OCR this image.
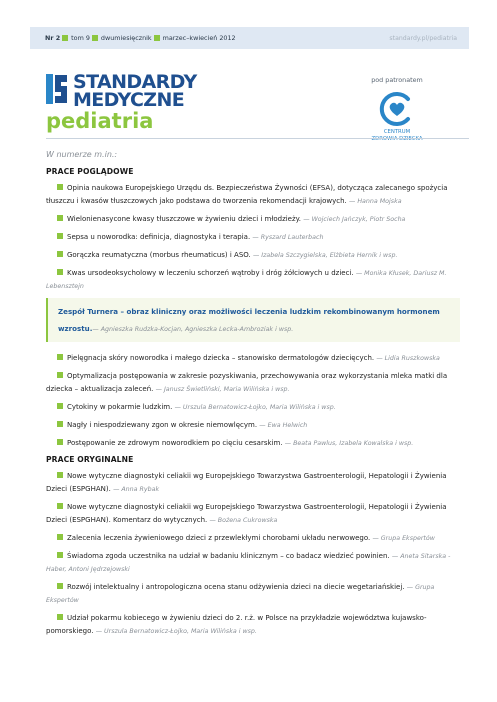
Nr 2 tom 9 dwumiesięcznik marzec–kwiecień 2012	standardy.pl/pediatria
STANDARDY
MEDYCZNE
pediatria
pod patronatem
CENTRUM
W numerze m.in.:
PRACE POGLĄDOWE
Opinia naukowa Europejskiego Urzędu ds. Bezpieczeństwa Żywności (EFSA), dotycząca zalecanego spożycia tłuszczu i kwasów tłuszczowych jako podstawa do tworzenia rekomendacji krajowych. — Hanna Mojska
Wielonienasycone kwasy tłuszczowe w żywieniu dzieci i młodzieży. — Wojciech Jańczyk, Piotr Socha
Sepsa u noworodka: definicja, diagnostyka i terapia. — Ryszard Lauterbach
Gorączka reumatyczna (morbus rheumaticus) i ASO. — Izabela Szczygielska, Elżbieta Hernik i wsp.
Kwas ursodeoksycholowy w leczeniu schorzeń wątroby i dróg żółciowych u dzieci. — Monika Kłusek, Dariusz M. Lebensztejn
Zespół Turnera – obraz kliniczny oraz możliwości leczenia ludzkim rekombinowanym hormonem wzrostu.— Agnieszka Rudzka-Kocjan, Agnieszka Lecka-Ambroziak i wsp.
Pielęgnacja skóry noworodka i małego dziecka – stanowisko dermatologów dziecięcych. — Lidia Ruszkowska
Optymalizacja postępowania w zakresie pozyskiwania, przechowywania oraz wykorzystania mleka matki dla dziecka – aktualizacja zaleceń. — Janusz Świetliński, Maria Wilińska i wsp.
Cytokiny w pokarmie ludzkim. — Urszula Bernatowicz-Łojko, Maria Wilińska i wsp.
Nagły i niespodziewany zgon w okresie niemowlęcym. — Ewa Helwich
Postępowanie ze zdrowym noworodkiem po cięciu cesarskim. — Beata Pawlus, Izabela Kowalska i wsp.
PRACE ORYGINALNE
Nowe wytyczne diagnostyki celiakii wg Europejskiego Towarzystwa Gastroenterologii, Hepatologii i Żywienia Dzieci (ESPGHAN). — Anna Rybak
Nowe wytyczne diagnostyki celiakii wg Europejskiego Towarzystwa Gastroenterologii, Hepatologii i Żywienia Dzieci (ESPGHAN). Komentarz do wytycznych. — Bożena Cukrowska
Zalecenia leczenia żywieniowego dzieci z przewlekłymi chorobami układu nerwowego. — Grupa Ekspertów
Świadoma zgoda uczestnika na udział w badaniu klinicznym – co badacz wiedzieć powinien. — Aneta Sitarska - Haber, Antoni Jędrzejowski
Rozwój intelektualny i antropologiczna ocena stanu odżywienia dzieci na diecie wegetariańskiej. — Grupa Ekspertów
Udział pokarmu kobiecego w żywieniu dzieci do 2. r.ż. w Polsce na przykładzie województwa kujawsko-pomorskiego. — Urszula Bernatowicz-Łojko, Maria Wilińska i wsp.
